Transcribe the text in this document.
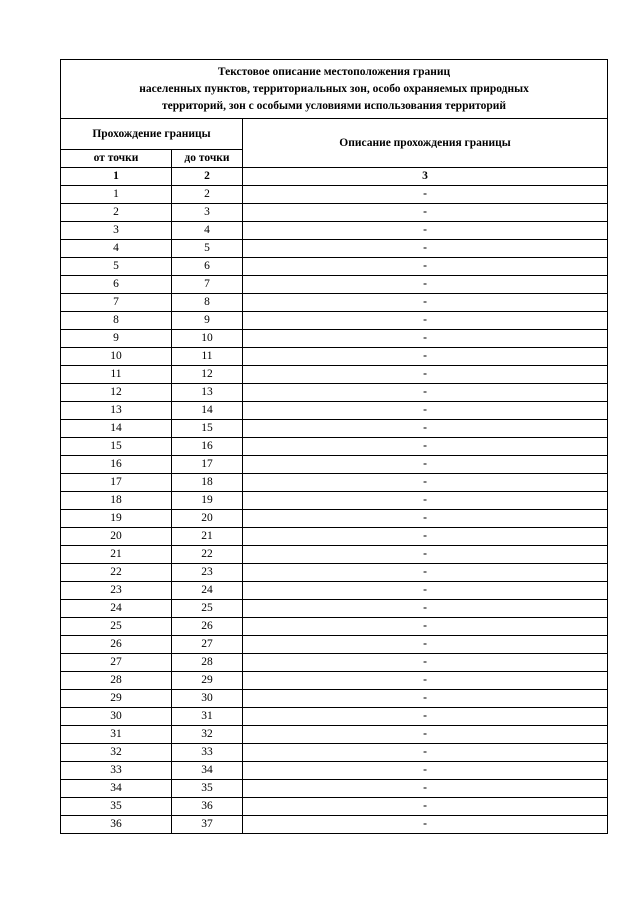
Текстовое описание местоположения границ
населенных пунктов, территориальных зон, особо охраняемых природных
территорий, зон с особыми условиями использования территорий		

Прохождение границы		Описание прохождения границы
от точки	до точки	
1	2	3
1	2	-
2	3	-
3	4	-
4	5	-
5	6	-
6	7	-
7	8	-
8	9	-
9	10	-
10	11	-
11	12	-
12	13	-
13	14	-
14	15	-
15	16	-
16	17	-
17	18	-
18	19	-
19	20	-
20	21	-
21	22	-
22	23	-
23	24	-
24	25	-
25	26	-
26	27	-
27	28	-
28	29	-
29	30	-
30	31	-
31	32	-
32	33	-
33	34	-
34	35	-
35	36	-
36	37	-
